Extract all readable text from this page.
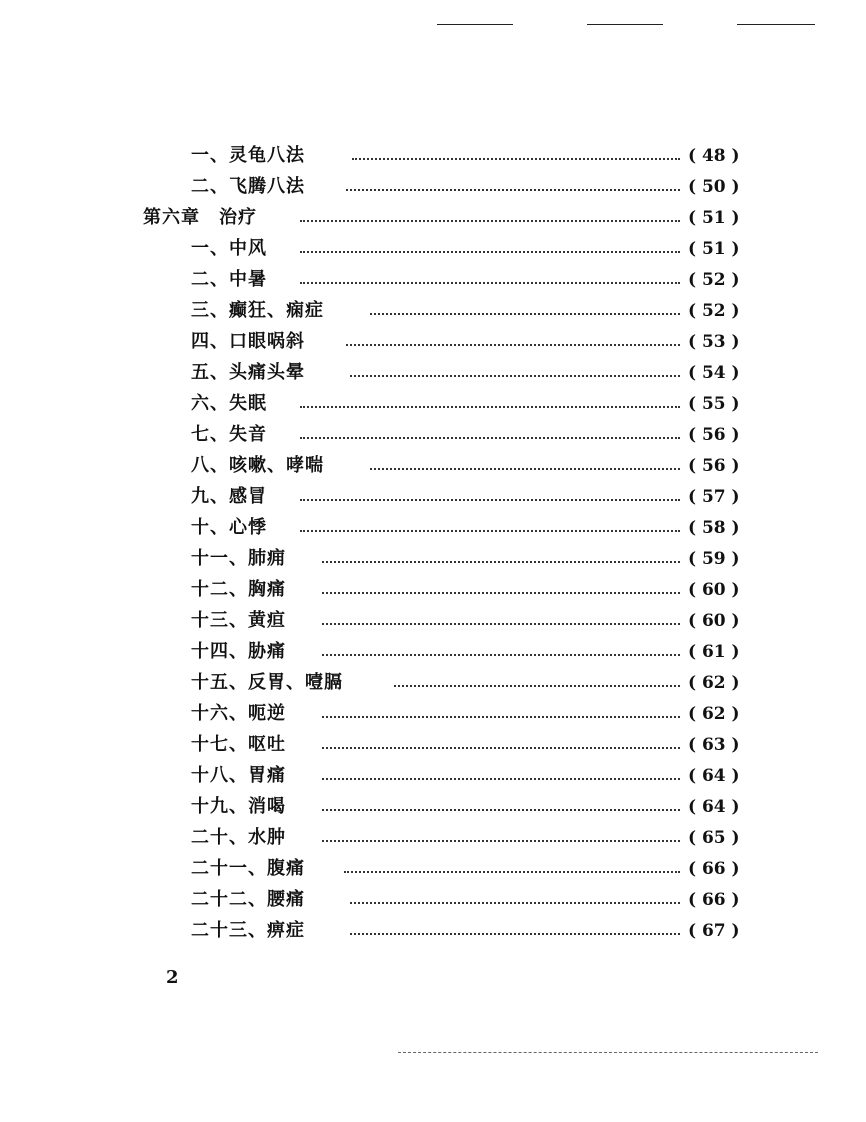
一、灵龟八法	( 48 )
二、飞腾八法	( 50 )
第六章　治疗	( 51 )
一、中风	( 51 )
二、中暑	( 52 )
三、癫狂、痫症	( 52 )
四、口眼㖞斜	( 53 )
五、头痛头晕	( 54 )
六、失眠	( 55 )
七、失音	( 56 )
八、咳嗽、哮喘	( 56 )
九、感冒	( 57 )
十、心悸	( 58 )
十一、肺痈	( 59 )
十二、胸痛	( 60 )
十三、黄疸	( 60 )
十四、胁痛	( 61 )
十五、反胃、噎膈	( 62 )
十六、呃逆	( 62 )
十七、呕吐	( 63 )
十八、胃痛	( 64 )
十九、消喝	( 64 )
二十、水肿	( 65 )
二十一、腹痛	( 66 )
二十二、腰痛	( 66 )
二十三、痹症	( 67 )
2
